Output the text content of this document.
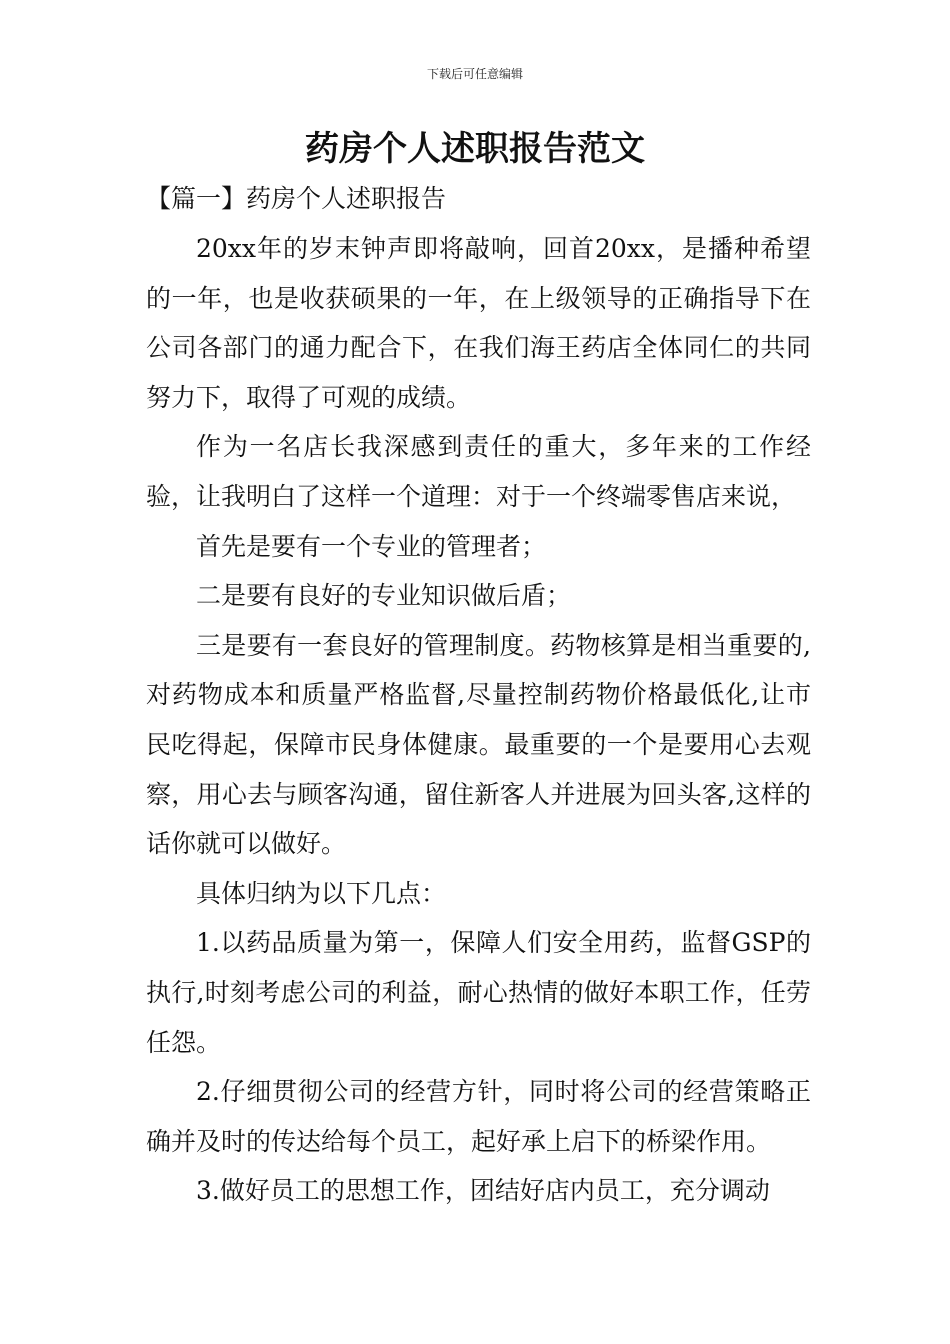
下载后可任意编辑
药房个人述职报告范文
【篇一】药房个人述职报告

20xx年的岁末钟声即将敲响，回首20xx，是播种希望的一年，也是收获硕果的一年，在上级领导的正确指导下在公司各部门的通力配合下，在我们海王药店全体同仁的共同努力下，取得了可观的成绩。

作为一名店长我深感到责任的重大，多年来的工作经验，让我明白了这样一个道理：对于一个终端零售店来说，

首先是要有一个专业的管理者；

二是要有良好的专业知识做后盾；

三是要有一套良好的管理制度。药物核算是相当重要的,对药物成本和质量严格监督,尽量控制药物价格最低化,让市民吃得起，保障市民身体健康。最重要的一个是要用心去观察，用心去与顾客沟通，留住新客人并进展为回头客,这样的话你就可以做好。

具体归纳为以下几点：

1.以药品质量为第一，保障人们安全用药，监督GSP的执行,时刻考虑公司的利益，耐心热情的做好本职工作，任劳任怨。

2.仔细贯彻公司的经营方针，同时将公司的经营策略正确并及时的传达给每个员工，起好承上启下的桥梁作用。

3.做好员工的思想工作，团结好店内员工，充分调动
